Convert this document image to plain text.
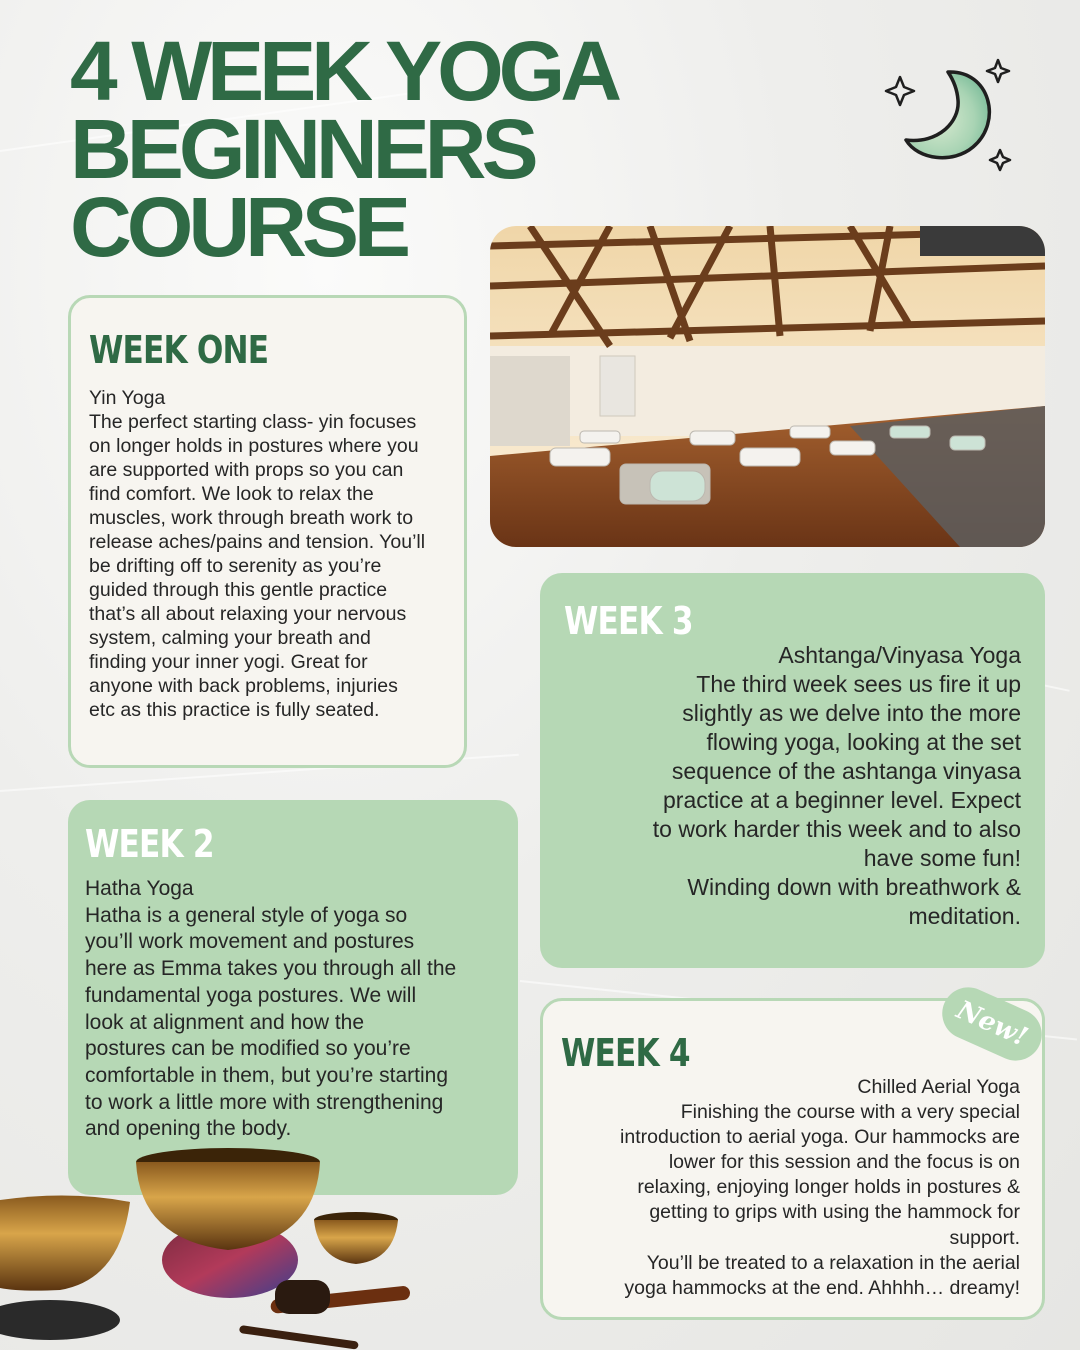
4 WEEK YOGA
BEGINNERS
COURSE
WEEK ONE
Yin Yoga
The perfect starting class- yin focuses
on longer holds in postures where you
are supported with props so you can
find comfort. We look to relax the
muscles, work through breath work to
release aches/pains and tension. You’ll
be drifting off to serenity as you’re
guided through this gentle practice
that’s all about relaxing your nervous
system, calming your breath and
finding your inner yogi. Great for
anyone with back problems, injuries
etc as this practice is fully seated.
WEEK 3
Ashtanga/Vinyasa Yoga
The third week sees us fire it up
slightly as we delve into the more
flowing yoga, looking at the set
sequence of the ashtanga vinyasa
practice at a beginner level. Expect
to work harder this week and to also
have some fun!
Winding down with breathwork &
meditation.
WEEK 2
Hatha Yoga
Hatha is a general style of yoga so
you’ll work movement and postures
here as Emma takes you through all the
fundamental yoga postures. We will
look at alignment and how the
postures can be modified so you’re
comfortable in them, but you’re starting
to work a little more with strengthening
and opening the body.
WEEK 4
Chilled Aerial Yoga
Finishing the course with a very special
introduction to aerial yoga. Our hammocks are
lower for this session and the focus is on
relaxing, enjoying longer holds in postures &
getting to grips with using the hammock for
support.
You’ll be treated to a relaxation in the aerial
yoga hammocks at the end. Ahhhh… dreamy!
New!
